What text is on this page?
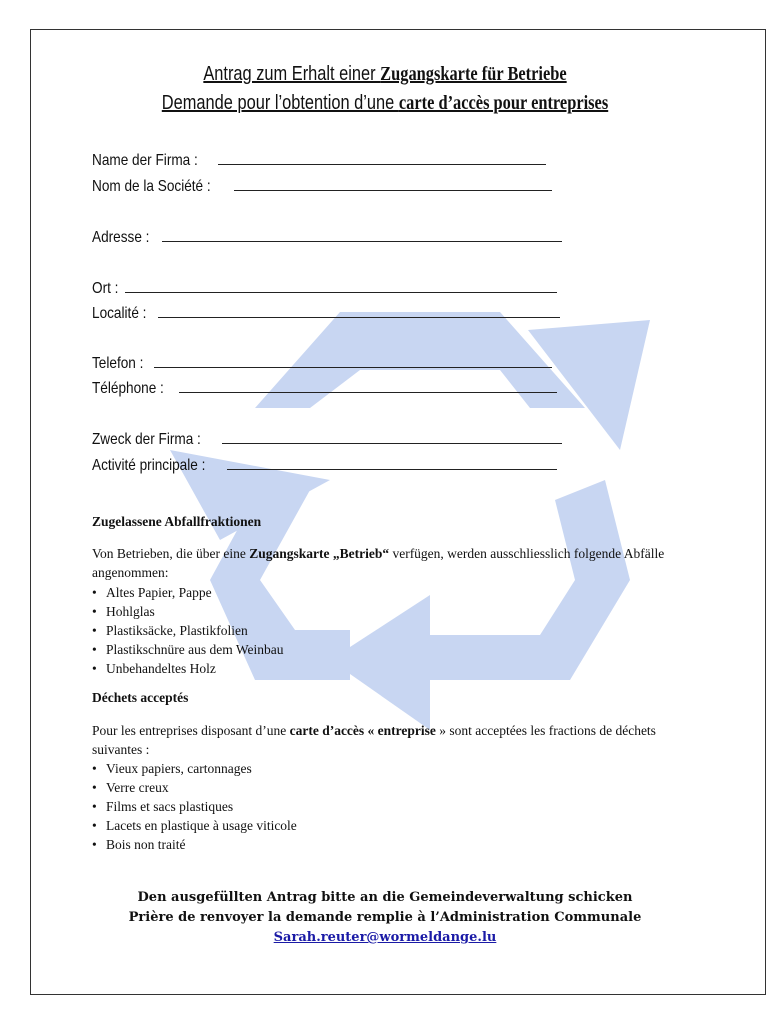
Antrag zum Erhalt einer Zugangskarte für Betriebe
Demande pour l’obtention d’une carte d’accès pour entreprises
Name der Firma :
Nom de la Société :
Adresse :
Ort :
Localité :
Telefon :
Téléphone :
Zweck der Firma :
Activité principale :
Zugelassene Abfallfraktionen
Von Betrieben, die über eine Zugangskarte „Betrieb“ verfügen, werden ausschliesslich folgende Abfälle angenommen:
• Altes Papier, Pappe
• Hohlglas
• Plastiksäcke, Plastikfolien
• Plastikschnüre aus dem Weinbau
• Unbehandeltes Holz
Déchets acceptés
Pour les entreprises disposant d’une carte d’accès « entreprise » sont acceptées les fractions de déchets suivantes :
• Vieux papiers, cartonnages
• Verre creux
• Films et sacs plastiques
• Lacets en plastique à usage viticole
• Bois non traité
Den ausgefüllten Antrag bitte an die Gemeindeverwaltung schicken
Prière de renvoyer la demande remplie à l’Administration Communale
Sarah.reuter@wormeldange.lu
